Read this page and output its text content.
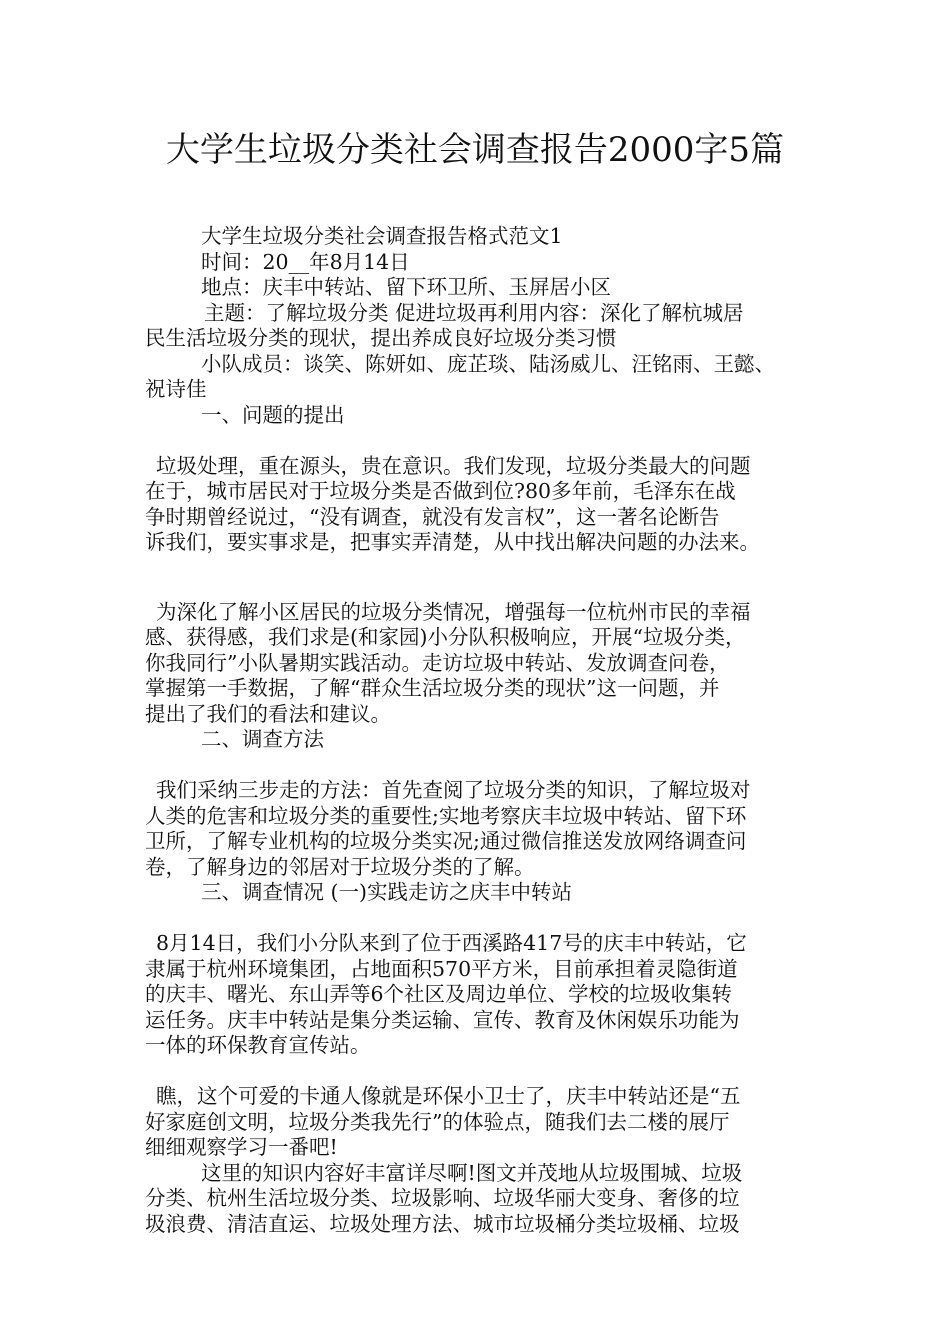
大学生垃圾分类社会调查报告2000字5篇
大学生垃圾分类社会调查报告格式范文1
时间：20__年8月14日
地点：庆丰中转站、留下环卫所、玉屏居小区
主题：了解垃圾分类 促进垃圾再利用内容：深化了解杭城居
民生活垃圾分类的现状，提出养成良好垃圾分类习惯
小队成员：谈笑、陈妍如、庞芷琰、陆汤威儿、汪铭雨、王懿、
祝诗佳
一、问题的提出
垃圾处理，重在源头，贵在意识。我们发现，垃圾分类最大的问题
在于，城市居民对于垃圾分类是否做到位?80多年前，毛泽东在战
争时期曾经说过，“没有调查，就没有发言权”，这一著名论断告
诉我们，要实事求是，把事实弄清楚，从中找出解决问题的办法来。
为深化了解小区居民的垃圾分类情况，增强每一位杭州市民的幸福
感、获得感，我们求是(和家园)小分队积极响应，开展“垃圾分类，
你我同行”小队暑期实践活动。走访垃圾中转站、发放调查问卷，
掌握第一手数据，了解“群众生活垃圾分类的现状”这一问题，并
提出了我们的看法和建议。
二、调查方法
我们采纳三步走的方法：首先查阅了垃圾分类的知识，了解垃圾对
人类的危害和垃圾分类的重要性;实地考察庆丰垃圾中转站、留下环
卫所，了解专业机构的垃圾分类实况;通过微信推送发放网络调查问
卷，了解身边的邻居对于垃圾分类的了解。
三、调查情况 (一)实践走访之庆丰中转站
8月14日，我们小分队来到了位于西溪路417号的庆丰中转站，它
隶属于杭州环境集团，占地面积570平方米，目前承担着灵隐街道
的庆丰、曙光、东山弄等6个社区及周边单位、学校的垃圾收集转
运任务。庆丰中转站是集分类运输、宣传、教育及休闲娱乐功能为
一体的环保教育宣传站。
瞧，这个可爱的卡通人像就是环保小卫士了，庆丰中转站还是“五
好家庭创文明，垃圾分类我先行”的体验点，随我们去二楼的展厅
细细观察学习一番吧!
这里的知识内容好丰富详尽啊!图文并茂地从垃圾围城、垃圾
分类、杭州生活垃圾分类、垃圾影响、垃圾华丽大变身、奢侈的垃
圾浪费、清洁直运、垃圾处理方法、城市垃圾桶分类垃圾桶、垃圾
